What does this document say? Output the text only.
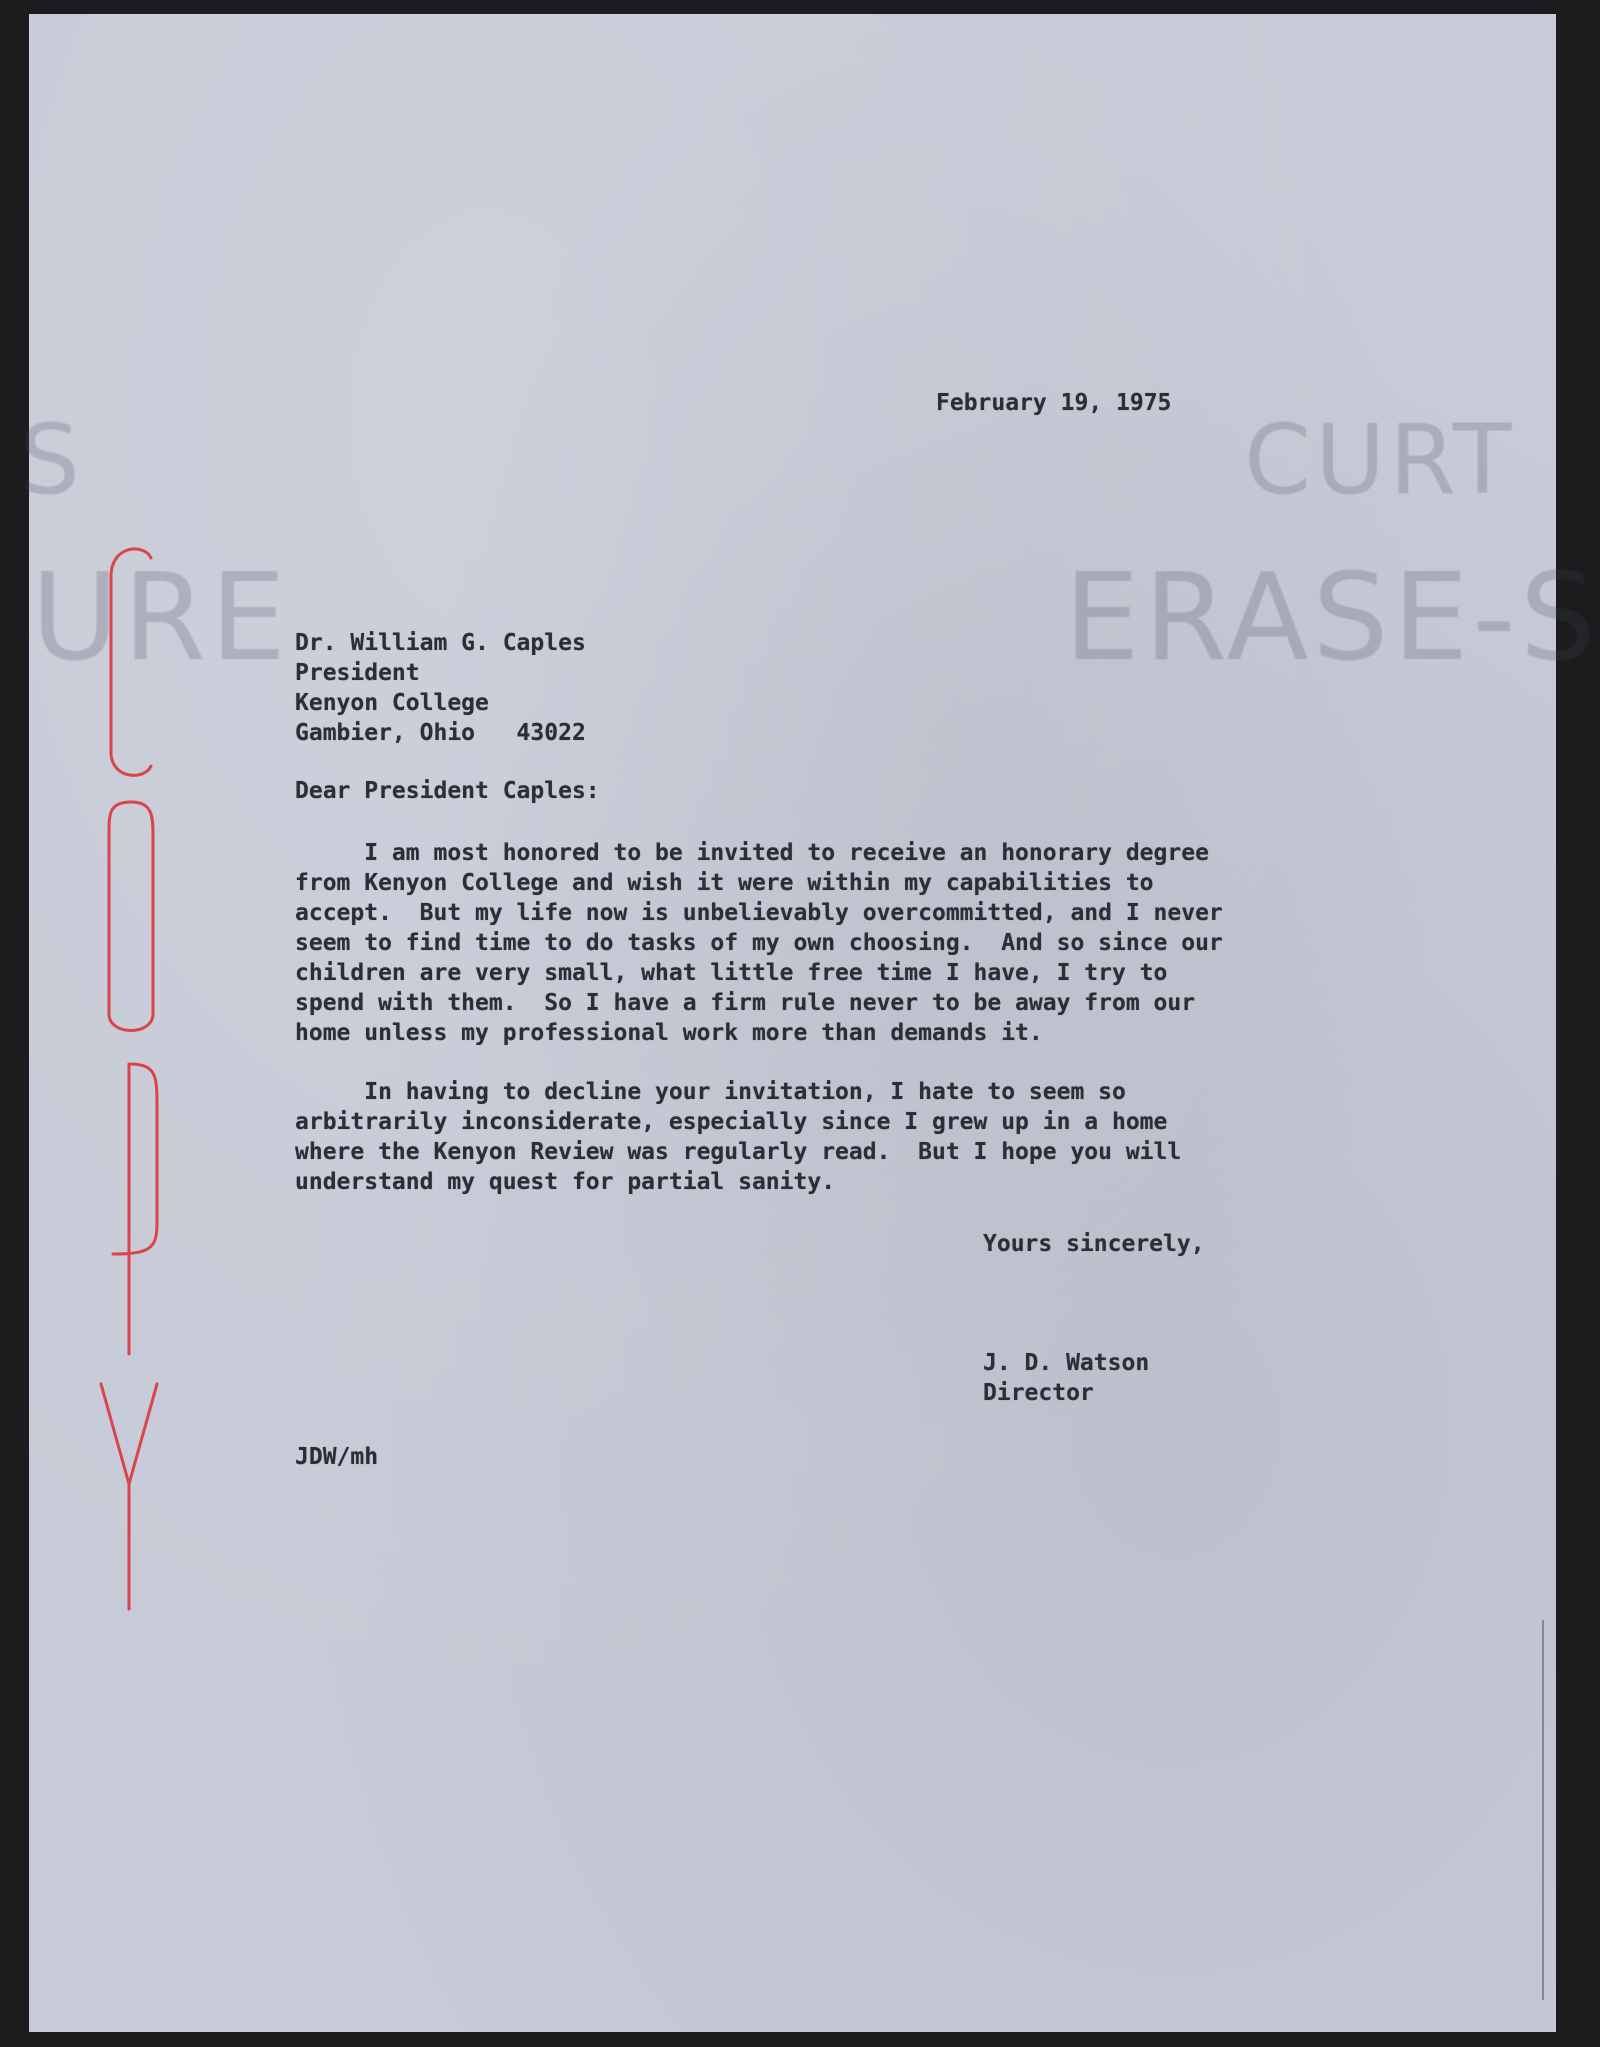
S
URE
CURT
ERASE-S
February 19, 1975
Dr. William G. Caples
President
Kenyon College
Gambier, Ohio   43022
Dear President Caples:
I am most honored to be invited to receive an honorary degree
from Kenyon College and wish it were within my capabilities to
accept.  But my life now is unbelievably overcommitted, and I never
seem to find time to do tasks of my own choosing.  And so since our
children are very small, what little free time I have, I try to
spend with them.  So I have a firm rule never to be away from our
home unless my professional work more than demands it.
In having to decline your invitation, I hate to seem so
arbitrarily inconsiderate, especially since I grew up in a home
where the Kenyon Review was regularly read.  But I hope you will
understand my quest for partial sanity.
Yours sincerely,
J. D. Watson
Director
JDW/mh
